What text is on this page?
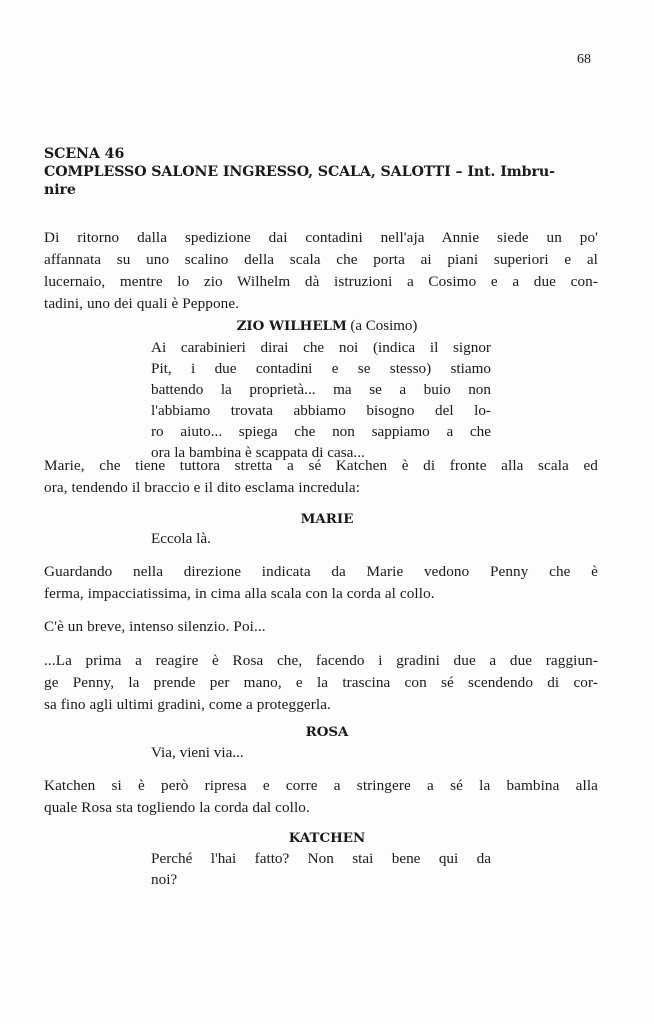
68
SCENA 46
COMPLESSO SALONE INGRESSO, SCALA, SALOTTI – Int. Imbru-
nire
Di ritorno dalla spedizione dai contadini nell'aja Annie siede un po'
affannata su uno scalino della scala che porta ai piani superiori e al
lucernaio, mentre lo zio Wilhelm dà istruzioni a Cosimo e a due con-
tadini, uno dei quali è Peppone.
ZIO WILHELM (a Cosimo)
Ai carabinieri dirai che noi (indica il signor
Pit, i due contadini e se stesso) stiamo
battendo la proprietà... ma se a buio non
l'abbiamo trovata abbiamo bisogno del lo-
ro aiuto... spiega che non sappiamo a che
ora la bambina è scappata di casa...
Marie, che tiene tuttora stretta a sé Katchen è di fronte alla scala ed
ora, tendendo il braccio e il dito esclama incredula:
MARIE
Eccola là.
Guardando nella direzione indicata da Marie vedono Penny che è
ferma, impacciatissima, in cima alla scala con la corda al collo.
C'è un breve, intenso silenzio. Poi...
...La prima a reagire è Rosa che, facendo i gradini due a due raggiun-
ge Penny, la prende per mano, e la trascina con sé scendendo di cor-
sa fino agli ultimi gradini, come a proteggerla.
ROSA
Via, vieni via...
Katchen si è però ripresa e corre a stringere a sé la bambina alla
quale Rosa sta togliendo la corda dal collo.
KATCHEN
Perché l'hai fatto? Non stai bene qui da
noi?
